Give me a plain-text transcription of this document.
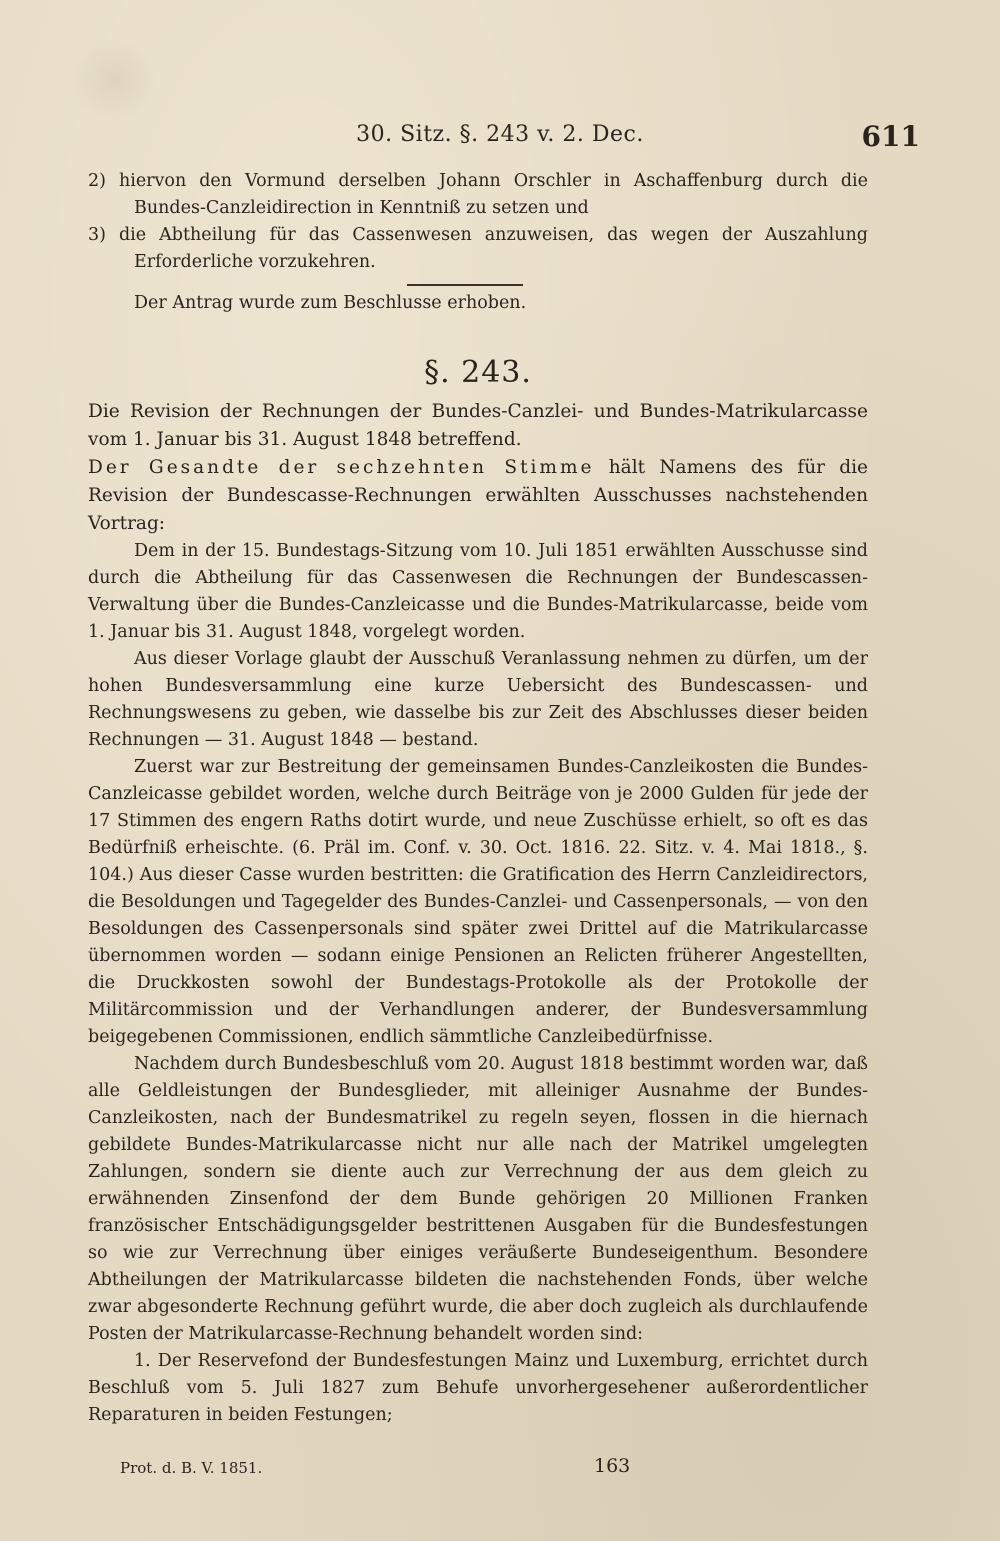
30. Sitz. §. 243 v. 2. Dec.	611

2) hiervon den Vormund derselben Johann Orschler in Aschaffenburg durch die Bundes-Canzleidirection in Kenntniß zu setzen und

3) die Abtheilung für das Cassenwesen anzuweisen, das wegen der Auszahlung Erforderliche vorzukehren.

Der Antrag wurde zum Beschlusse erhoben.

§. 243.

Die Revision der Rechnungen der Bundes-Canzlei- und Bundes-Matrikularcasse vom 1. Januar bis 31. August 1848 betreffend.

Der Gesandte der sechzehnten Stimme hält Namens des für die Revision der Bundescasse-Rechnungen erwählten Ausschusses nachstehenden Vortrag:

Dem in der 15. Bundestags-Sitzung vom 10. Juli 1851 erwählten Ausschusse sind durch die Abtheilung für das Cassenwesen die Rechnungen der Bundescassen-Verwaltung über die Bundes-Canzleicasse und die Bundes-Matrikularcasse, beide vom 1. Januar bis 31. August 1848, vorgelegt worden.

Aus dieser Vorlage glaubt der Ausschuß Veranlassung nehmen zu dürfen, um der hohen Bundesversammlung eine kurze Uebersicht des Bundescassen- und Rechnungswesens zu geben, wie dasselbe bis zur Zeit des Abschlusses dieser beiden Rechnungen — 31. August 1848 — bestand.

Zuerst war zur Bestreitung der gemeinsamen Bundes-Canzleikosten die Bundes-Canzleicasse gebildet worden, welche durch Beiträge von je 2000 Gulden für jede der 17 Stimmen des engern Raths dotirt wurde, und neue Zuschüsse erhielt, so oft es das Bedürfniß erheischte. (6. Präl im. Conf. v. 30. Oct. 1816. 22. Sitz. v. 4. Mai 1818., §. 104.) Aus dieser Casse wurden bestritten: die Gratification des Herrn Canzleidirectors, die Besoldungen und Tagegelder des Bundes-Canzlei- und Cassenpersonals, — von den Besoldungen des Cassenpersonals sind später zwei Drittel auf die Matrikularcasse übernommen worden — sodann einige Pensionen an Relicten früherer Angestellten, die Druckkosten sowohl der Bundestags-Protokolle als der Protokolle der Militärcommission und der Verhandlungen anderer, der Bundesversammlung beigegebenen Commissionen, endlich sämmtliche Canzleibedürfnisse.

Nachdem durch Bundesbeschluß vom 20. August 1818 bestimmt worden war, daß alle Geldleistungen der Bundesglieder, mit alleiniger Ausnahme der Bundes-Canzleikosten, nach der Bundesmatrikel zu regeln seyen, flossen in die hiernach gebildete Bundes-Matrikularcasse nicht nur alle nach der Matrikel umgelegten Zahlungen, sondern sie diente auch zur Verrechnung der aus dem gleich zu erwähnenden Zinsenfond der dem Bunde gehörigen 20 Millionen Franken französischer Entschädigungsgelder bestrittenen Ausgaben für die Bundesfestungen so wie zur Verrechnung über einiges veräußerte Bundeseigenthum. Besondere Abtheilungen der Matrikularcasse bildeten die nachstehenden Fonds, über welche zwar abgesonderte Rechnung geführt wurde, die aber doch zugleich als durchlaufende Posten der Matrikularcasse-Rechnung behandelt worden sind:

1. Der Reservefond der Bundesfestungen Mainz und Luxemburg, errichtet durch Beschluß vom 5. Juli 1827 zum Behufe unvorhergesehener außerordentlicher Reparaturen in beiden Festungen;

Prot. d. B. V. 1851.	163
